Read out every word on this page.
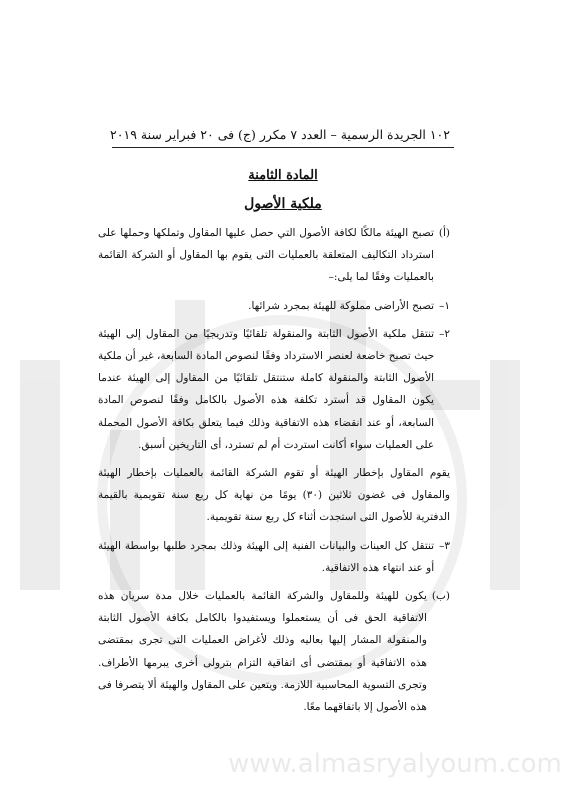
www.almasryalyoum.com
١٠٢ الجريدة الرسمية – العدد ٧ مكرر (ج) فى ٢٠ فبراير سنة ٢٠١٩
المادة الثامنة
ملكية الأصول
(أ)
تصبح الهيئة مالكًا لكافة الأصول التي حصل عليها المقاول وتملكها وحملها على استرداد التكاليف المتعلقة بالعمليات التى يقوم بها المقاول أو الشركة القائمة بالعمليات وفقًا لما يلى:–
١–
تصبح الأراضى مملوكة للهيئة بمجرد شرائها.
٢–
تنتقل ملكية الأصول الثابتة والمنقولة تلقائيًا وتدريجيًا من المقاول إلى الهيئة حيث تصبح خاضعة لعنصر الاسترداد وفقًا لنصوص المادة السابعة، غير أن ملكية الأصول الثابتة والمنقولة كاملة ستنتقل تلقائيًا من المقاول إلى الهيئة عندما يكون المقاول قد أسترد تكلفة هذه الأصول بالكامل وفقًا لنصوص المادة السابعة، أو عند انقضاء هذه الاتفاقية وذلك فيما يتعلق بكافة الأصول المحملة على العمليات سواء أكانت استردت أم لم تسترد، أى التاريخين أسبق.

يقوم المقاول بإخطار الهيئة أو تقوم الشركة القائمة بالعمليات بإخطار الهيئة والمقاول فى غضون ثلاثين (٣٠) يومًا من نهاية كل ربع سنة تقويمية بالقيمة الدفترية للأصول التى استجدت أثناء كل ربع سنة تقويمية.

٣–
تنتقل كل العينات والبيانات الفنية إلى الهيئة وذلك بمجرد طلبها بواسطة الهيئة أو عند انتهاء هذه الاتفاقية.
(ب)
يكون للهيئة وللمقاول والشركة القائمة بالعمليات خلال مدة سريان هذه الاتفاقية الحق فى أن يستعملوا ويستفيدوا بالكامل بكافة الأصول الثابتة والمنقولة المشار إليها بعاليه وذلك لأغراض العمليات التى تجرى بمقتضى هذه الاتفاقية أو بمقتضى أى اتفاقية التزام بترولى أخرى يبرمها الأطراف. وتجرى التسوية المحاسبية اللازمة. ويتعين على المقاول والهيئة ألا يتصرفا فى هذه الأصول إلا باتفاقهما معًا.
